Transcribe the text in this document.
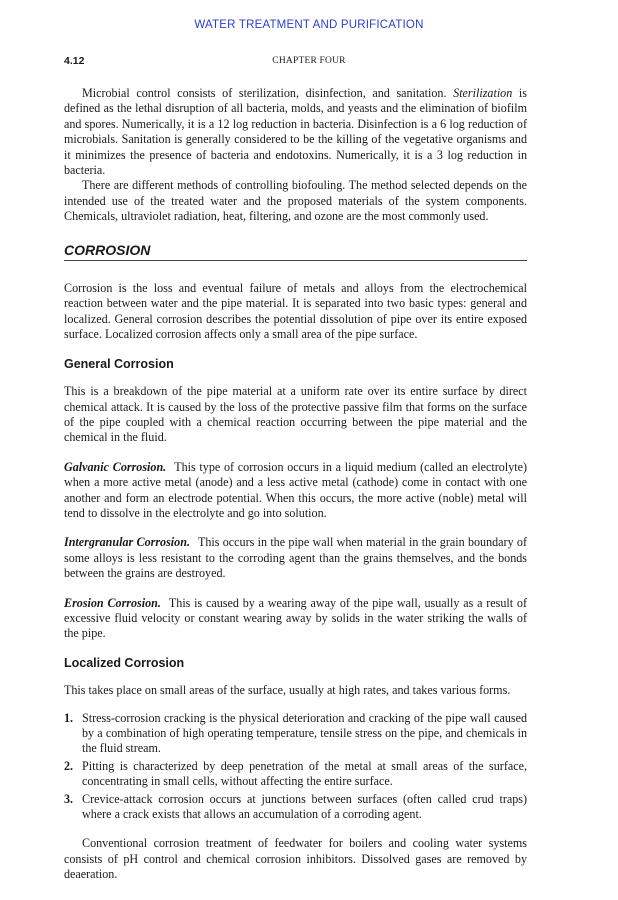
WATER TREATMENT AND PURIFICATION
4.12	CHAPTER FOUR

Microbial control consists of sterilization, disinfection, and sanitation. Sterilization is defined as the lethal disruption of all bacteria, molds, and yeasts and the elimination of biofilm and spores. Numerically, it is a 12 log reduction in bacteria. Disinfection is a 6 log reduction of microbials. Sanitation is generally considered to be the killing of the vegetative organisms and it minimizes the presence of bacteria and endotoxins. Numerically, it is a 3 log reduction in bacteria.

There are different methods of controlling biofouling. The method selected depends on the intended use of the treated water and the proposed materials of the system components. Chemicals, ultraviolet radiation, heat, filtering, and ozone are the most commonly used.

CORROSION

Corrosion is the loss and eventual failure of metals and alloys from the electrochemical reaction between water and the pipe material. It is separated into two basic types: general and localized. General corrosion describes the potential dissolution of pipe over its entire exposed surface. Localized corrosion affects only a small area of the pipe surface.

General Corrosion

This is a breakdown of the pipe material at a uniform rate over its entire surface by direct chemical attack. It is caused by the loss of the protective passive film that forms on the surface of the pipe coupled with a chemical reaction occurring between the pipe material and the chemical in the fluid.

Galvanic Corrosion. This type of corrosion occurs in a liquid medium (called an electrolyte) when a more active metal (anode) and a less active metal (cathode) come in contact with one another and form an electrode potential. When this occurs, the more active (noble) metal will tend to dissolve in the electrolyte and go into solution.

Intergranular Corrosion. This occurs in the pipe wall when material in the grain boundary of some alloys is less resistant to the corroding agent than the grains themselves, and the bonds between the grains are destroyed.

Erosion Corrosion. This is caused by a wearing away of the pipe wall, usually as a result of excessive fluid velocity or constant wearing away by solids in the water striking the walls of the pipe.

Localized Corrosion

This takes place on small areas of the surface, usually at high rates, and takes various forms.

1. Stress-corrosion cracking is the physical deterioration and cracking of the pipe wall caused by a combination of high operating temperature, tensile stress on the pipe, and chemicals in the fluid stream.
2. Pitting is characterized by deep penetration of the metal at small areas of the surface, concentrating in small cells, without affecting the entire surface.
3. Crevice-attack corrosion occurs at junctions between surfaces (often called crud traps) where a crack exists that allows an accumulation of a corroding agent.

Conventional corrosion treatment of feedwater for boilers and cooling water systems consists of pH control and chemical corrosion inhibitors. Dissolved gases are removed by deaeration.
